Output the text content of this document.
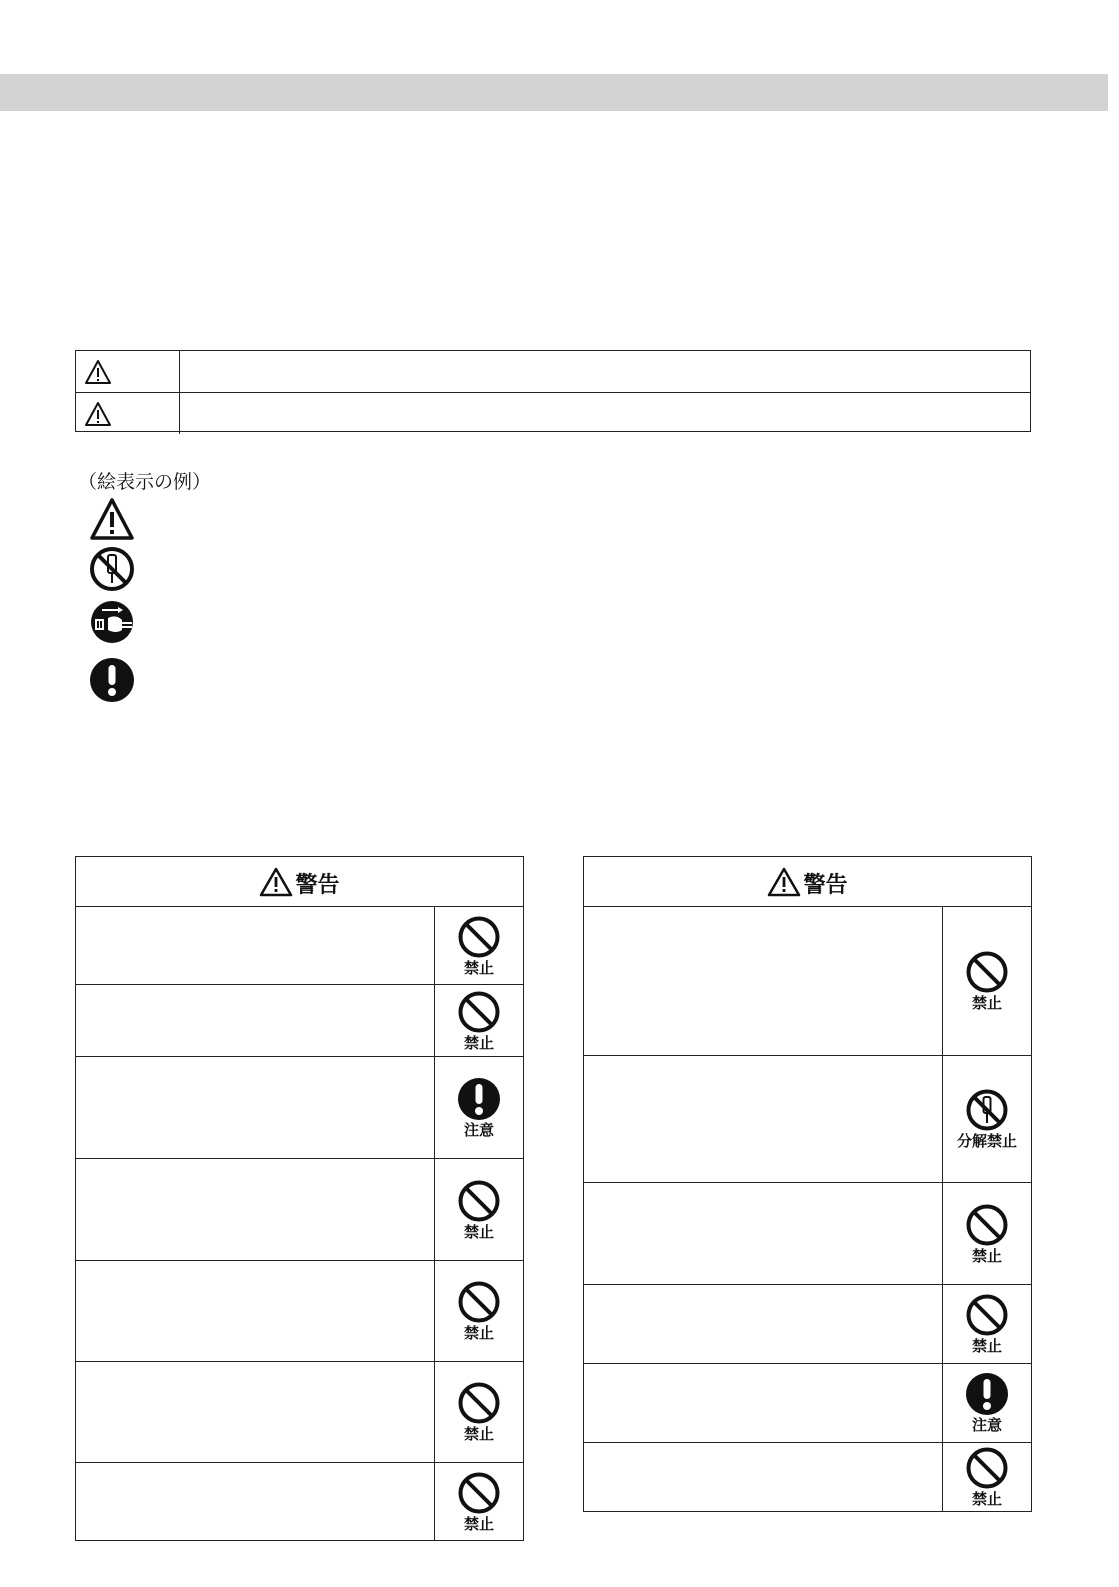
（絵表示の例）
警告
禁止
禁止
注意
禁止
禁止
禁止
禁止
警告
禁止
分解禁止
禁止
禁止
注意
禁止
